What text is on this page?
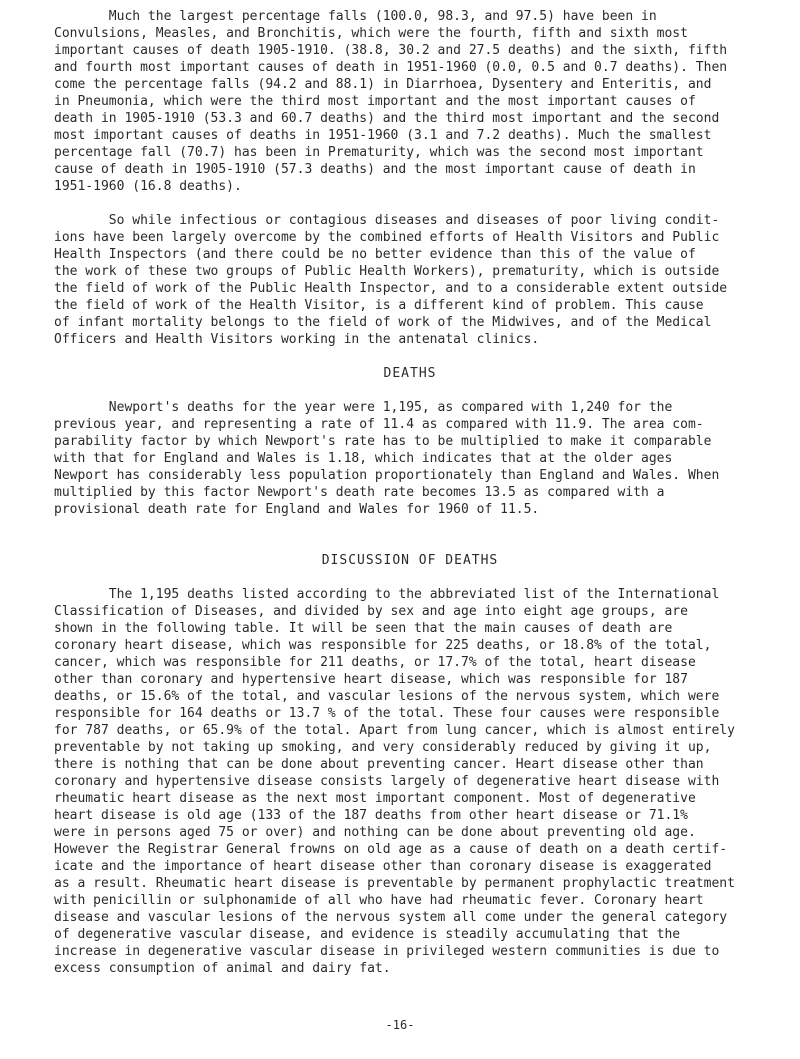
Much the largest percentage falls (100.0, 98.3, and 97.5) have been in
Convulsions, Measles, and Bronchitis, which were the fourth, fifth and sixth most
important causes of death 1905-1910. (38.8, 30.2 and 27.5 deaths) and the sixth, fifth
and fourth most important causes of death in 1951-1960 (0.0, 0.5 and 0.7 deaths). Then
come the percentage falls (94.2 and 88.1) in Diarrhoea, Dysentery and Enteritis, and
in Pneumonia, which were the third most important and the most important causes of
death in 1905-1910 (53.3 and 60.7 deaths) and the third most important and the second
most important causes of deaths in 1951-1960 (3.1 and 7.2 deaths). Much the smallest
percentage fall (70.7) has been in Prematurity, which was the second most important
cause of death in 1905-1910 (57.3 deaths) and the most important cause of death in
1951-1960 (16.8 deaths).

So while infectious or contagious diseases and diseases of poor living condit-
ions have been largely overcome by the combined efforts of Health Visitors and Public
Health Inspectors (and there could be no better evidence than this of the value of
the work of these two groups of Public Health Workers), prematurity, which is outside
the field of work of the Public Health Inspector, and to a considerable extent outside
the field of work of the Health Visitor, is a different kind of problem. This cause
of infant mortality belongs to the field of work of the Midwives, and of the Medical
Officers and Health Visitors working in the antenatal clinics.

DEATHS

Newport's deaths for the year were 1,195, as compared with 1,240 for the
previous year, and representing a rate of 11.4 as compared with 11.9. The area com-
parability factor by which Newport's rate has to be multiplied to make it comparable
with that for England and Wales is 1.18, which indicates that at the older ages
Newport has considerably less population proportionately than England and Wales. When
multiplied by this factor Newport's death rate becomes 13.5 as compared with a
provisional death rate for England and Wales for 1960 of 11.5.

DISCUSSION OF DEATHS

The 1,195 deaths listed according to the abbreviated list of the International
Classification of Diseases, and divided by sex and age into eight age groups, are
shown in the following table. It will be seen that the main causes of death are
coronary heart disease, which was responsible for 225 deaths, or 18.8% of the total,
cancer, which was responsible for 211 deaths, or 17.7% of the total, heart disease
other than coronary and hypertensive heart disease, which was responsible for 187
deaths, or 15.6% of the total, and vascular lesions of the nervous system, which were
responsible for 164 deaths or 13.7 % of the total. These four causes were responsible
for 787 deaths, or 65.9% of the total. Apart from lung cancer, which is almost entirely
preventable by not taking up smoking, and very considerably reduced by giving it up,
there is nothing that can be done about preventing cancer. Heart disease other than
coronary and hypertensive disease consists largely of degenerative heart disease with
rheumatic heart disease as the next most important component. Most of degenerative
heart disease is old age (133 of the 187 deaths from other heart disease or 71.1%
were in persons aged 75 or over) and nothing can be done about preventing old age.
However the Registrar General frowns on old age as a cause of death on a death certif-
icate and the importance of heart disease other than coronary disease is exaggerated
as a result. Rheumatic heart disease is preventable by permanent prophylactic treatment
with penicillin or sulphonamide of all who have had rheumatic fever. Coronary heart
disease and vascular lesions of the nervous system all come under the general category
of degenerative vascular disease, and evidence is steadily accumulating that the
increase in degenerative vascular disease in privileged western communities is due to
excess consumption of animal and dairy fat.

-16-
